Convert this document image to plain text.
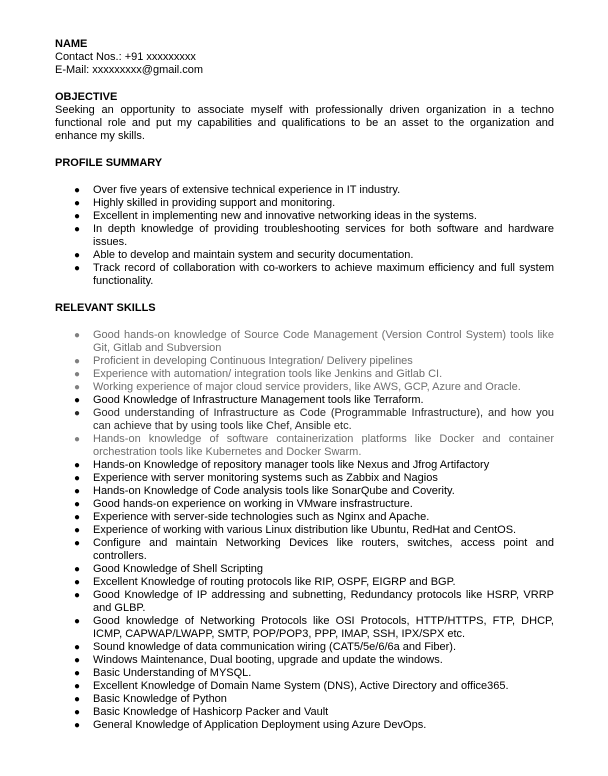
NAME
Contact Nos.: +91 xxxxxxxxx
E-Mail: xxxxxxxxx@gmail.com
OBJECTIVE
Seeking an opportunity to associate myself with professionally driven organization in a techno functional role and put my capabilities and qualifications to be an asset to the organization and enhance my skills.
PROFILE SUMMARY
● Over five years of extensive technical experience in IT industry.
● Highly skilled in providing support and monitoring.
● Excellent in implementing new and innovative networking ideas in the systems.
● In depth knowledge of providing troubleshooting services for both software and hardware issues.
● Able to develop and maintain system and security documentation.
● Track record of collaboration with co-workers to achieve maximum efficiency and full system functionality.
RELEVANT SKILLS
● Good hands-on knowledge of Source Code Management (Version Control System) tools like Git, Gitlab and Subversion
● Proficient in developing Continuous Integration/ Delivery pipelines
● Experience with automation/ integration tools like Jenkins and Gitlab CI.
● Working experience of major cloud service providers, like AWS, GCP, Azure and Oracle.
● Good Knowledge of Infrastructure Management tools like Terraform.
● Good understanding of Infrastructure as Code (Programmable Infrastructure), and how you can achieve that by using tools like Chef, Ansible etc.
● Hands-on knowledge of software containerization platforms like Docker and container orchestration tools like Kubernetes and Docker Swarm.
● Hands-on Knowledge of repository manager tools like Nexus and Jfrog Artifactory
● Experience with server monitoring systems such as Zabbix and Nagios
● Hands-on Knowledge of Code analysis tools like SonarQube and Coverity.
● Good hands-on experience on working in VMware insfrastructure.
● Experience with server-side technologies such as Nginx and Apache.
● Experience of working with various Linux distribution like Ubuntu, RedHat and CentOS.
● Configure and maintain Networking Devices like routers, switches, access point and controllers.
● Good Knowledge of Shell Scripting
● Excellent Knowledge of routing protocols like RIP, OSPF, EIGRP and BGP.
● Good Knowledge of IP addressing and subnetting, Redundancy protocols like HSRP, VRRP and GLBP.
● Good knowledge of Networking Protocols like OSI Protocols, HTTP/HTTPS, FTP, DHCP, ICMP, CAPWAP/LWAPP, SMTP, POP/POP3, PPP, IMAP, SSH, IPX/SPX etc.
● Sound knowledge of data communication wiring (CAT5/5e/6/6a and Fiber).
● Windows Maintenance, Dual booting, upgrade and update the windows.
● Basic Understanding of MYSQL.
● Excellent Knowledge of Domain Name System (DNS), Active Directory and office365.
● Basic Knowledge of Python
● Basic Knowledge of Hashicorp Packer and Vault
● General Knowledge of Application Deployment using Azure DevOps.
